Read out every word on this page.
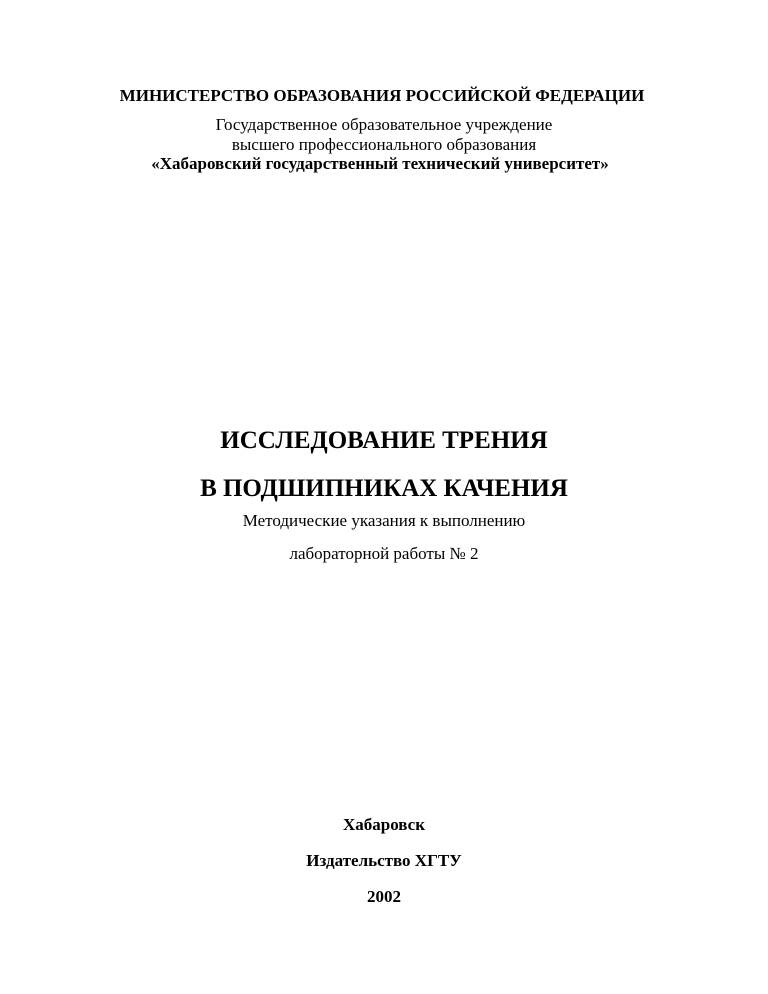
МИНИСТЕРСТВО ОБРАЗОВАНИЯ РОССИЙСКОЙ ФЕДЕРАЦИИ
Государственное образовательное учреждение
высшего профессионального образования
«Хабаровский государственный технический университет»
ИССЛЕДОВАНИЕ ТРЕНИЯ
В ПОДШИПНИКАХ КАЧЕНИЯ
Методические указания к выполнению
лабораторной работы № 2
Хабаровск
Издательство ХГТУ
2002
